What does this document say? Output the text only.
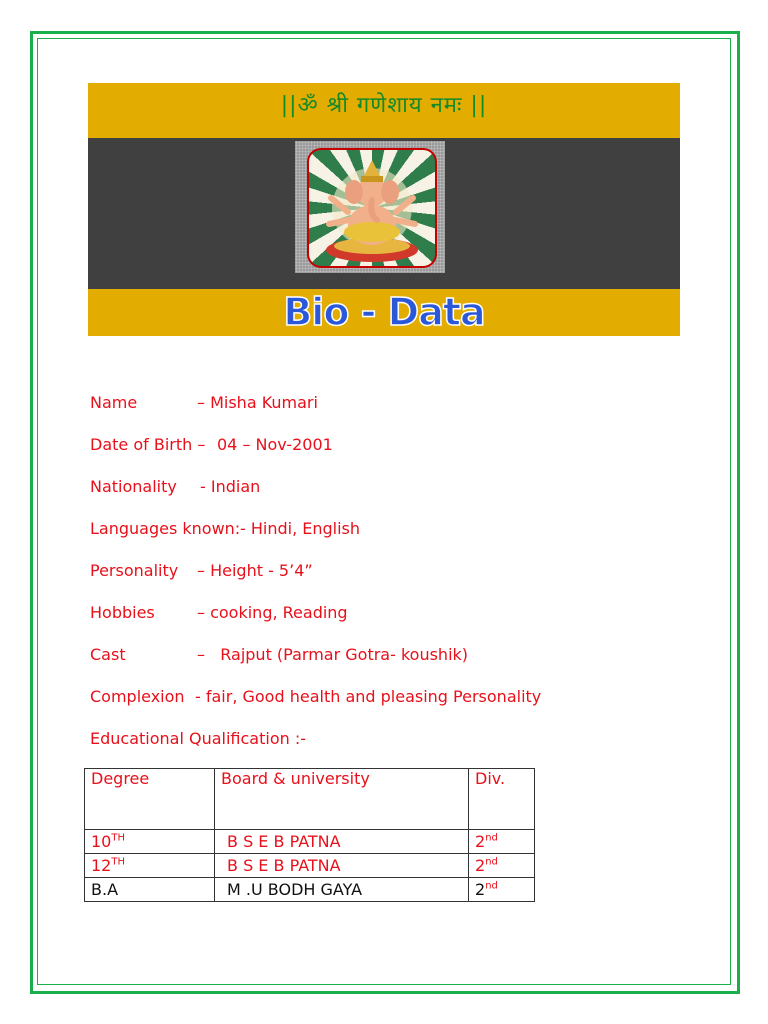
||ॐ श्री गणेशाय नमः ||
Bio - Data

Name

	– Misha Kumari

Date of Birth –

04 – Nov-2001

Nationality

- Indian

Languages known:

- Hindi, English

Personality

– Height - 5’4”

Hobbies

	– cooking, Reading

Cast

	–   Rajput (Parmar Gotra- koushik)

Complexion

- fair, Good health and pleasing Personality

Educational Qualification :-

Degree	Board & university	Div.
10TH	B S E B PATNA	2nd
12TH	B S E B PATNA	2nd
B.A	M .U BODH GAYA	2nd
